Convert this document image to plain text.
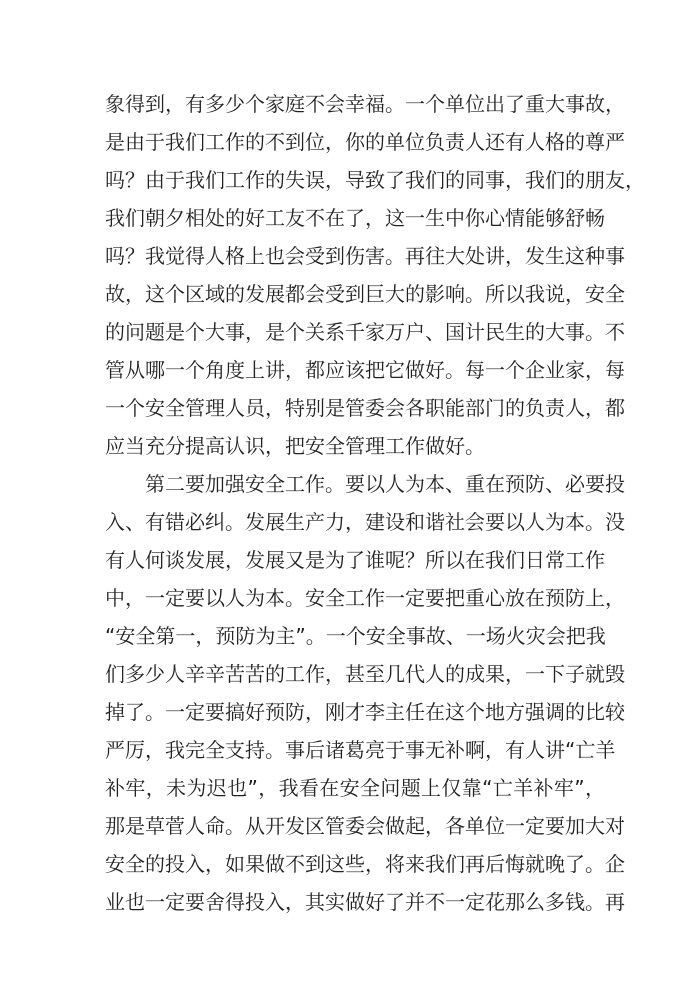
象得到，有多少个家庭不会幸福。一个单位出了重大事故，
是由于我们工作的不到位，你的单位负责人还有人格的尊严
吗？由于我们工作的失误，导致了我们的同事，我们的朋友，
我们朝夕相处的好工友不在了，这一生中你心情能够舒畅
吗？我觉得人格上也会受到伤害。再往大处讲，发生这种事
故，这个区域的发展都会受到巨大的影响。所以我说，安全
的问题是个大事，是个关系千家万户、国计民生的大事。不
管从哪一个角度上讲，都应该把它做好。每一个企业家，每
一个安全管理人员，特别是管委会各职能部门的负责人，都
应当充分提高认识，把安全管理工作做好。
　　第二要加强安全工作。要以人为本、重在预防、必要投
入、有错必纠。发展生产力，建设和谐社会要以人为本。没
有人何谈发展，发展又是为了谁呢？所以在我们日常工作
中，一定要以人为本。安全工作一定要把重心放在预防上，
“安全第一，预防为主”。一个安全事故、一场火灾会把我
们多少人辛辛苦苦的工作，甚至几代人的成果，一下子就毁
掉了。一定要搞好预防，刚才李主任在这个地方强调的比较
严厉，我完全支持。事后诸葛亮于事无补啊，有人讲“亡羊
补牢，未为迟也”，我看在安全问题上仅靠“亡羊补牢”，
那是草菅人命。从开发区管委会做起，各单位一定要加大对
安全的投入，如果做不到这些，将来我们再后悔就晚了。企
业也一定要舍得投入，其实做好了并不一定花那么多钱。再
